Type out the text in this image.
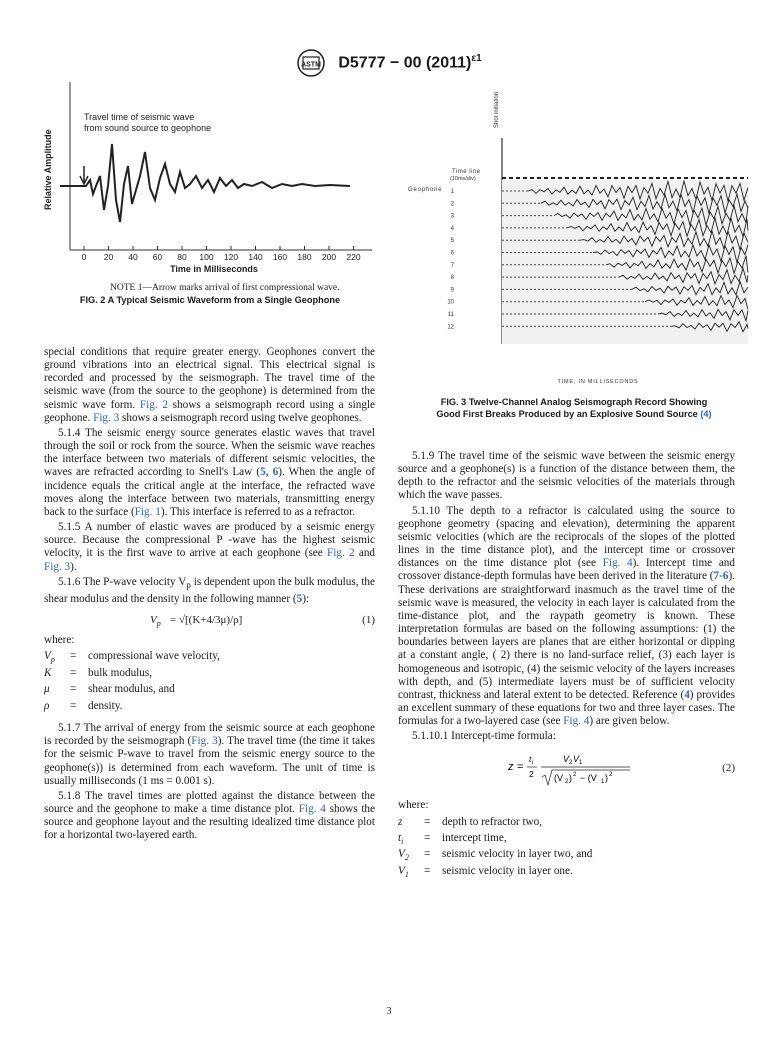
ASTM D5777 − 00 $(2011)^{\varepsilon 1}$
0 20 40 60 80 100 120 140 160 180 200 220
Travel time of seismic wave
from sound source to geophone
Relative Amplitude
Time in Milliseconds
NOTE 1—Arrow marks arrival of first compressional wave.
FIG. 2 A Typical Seismic Waveform from a Single Geophone
Shot initiation
Time line
(10ms/div)
Geophone 1
2
3
4
5
6
7
8
9
10
11
12
TIME, IN MILLISECONDS
FIG. 3 Twelve-Channel Analog Seismograph Record Showing
Good First Breaks Produced by an Explosive Sound Source (4)

special conditions that require greater energy. Geophones convert the ground vibrations into an electrical signal. This electrical signal is recorded and processed by the seismograph. The travel time of the seismic wave (from the source to the geophone) is determined from the seismic wave form. Fig. 2 shows a seismograph record using a single geophone. Fig. 3 shows a seismograph record using twelve geophones.

5.1.4 The seismic energy source generates elastic waves that travel through the soil or rock from the source. When the seismic wave reaches the interface between two materials of different seismic velocities, the waves are refracted according to Snell's Law (5, 6). When the angle of incidence equals the critical angle at the interface, the refracted wave moves along the interface between two materials, transmitting energy back to the surface (Fig. 1). This interface is referred to as a refractor.

5.1.5 A number of elastic waves are produced by a seismic energy source. Because the compressional P -wave has the highest seismic velocity, it is the first wave to arrive at each geophone (see Fig. 2 and Fig. 3).

5.1.6 The P-wave velocity $V_p$ is dependent upon the bulk modulus, the shear modulus and the density in the following manner (5):

$V_p = √[(K+4/3\mu)/\rho]$	(1)
where:
$V_p$	=	compressional wave velocity,
K	=	bulk modulus,
μ	=	shear modulus, and
ρ	=	density.

5.1.7 The arrival of energy from the seismic source at each geophone is recorded by the seismograph (Fig. 3). The travel time (the time it takes for the seismic P-wave to travel from the seismic energy source to the geophone(s)) is determined from each waveform. The unit of time is usually milliseconds (1 ms = 0.001 s).

5.1.8 The travel times are plotted against the distance between the source and the geophone to make a time distance plot. Fig. 4 shows the source and geophone layout and the resulting idealized time distance plot for a horizontal two-layered earth.

5.1.9 The travel time of the seismic wave between the seismic energy source and a geophone(s) is a function of the distance between them, the depth to the refractor and the seismic velocities of the materials through which the wave passes.

5.1.10 The depth to a refractor is calculated using the source to geophone geometry (spacing and elevation), determining the apparent seismic velocities (which are the reciprocals of the slopes of the plotted lines in the time distance plot), and the intercept time or crossover distances on the time distance plot (see Fig. 4). Intercept time and crossover distance-depth formulas have been derived in the literature (7-6). These derivations are straightforward inasmuch as the travel time of the seismic wave is measured, the velocity in each layer is calculated from the time-distance plot, and the raypath geometry is known. These interpretation formulas are based on the following assumptions: (1) the boundaries between layers are planes that are either horizontal or dipping at a constant angle, ( 2) there is no land-surface relief, (3) each layer is homogeneous and isotropic, (4) the seismic velocity of the layers increases with depth, and (5) intermediate layers must be of sufficient velocity contrast, thickness and lateral extent to be detected. Reference (4) provides an excellent summary of these equations for two and three layer cases. The formulas for a two-layered case (see Fig. 4) are given below.

5.1.10.1 Intercept-time formula:

z =
t i
2
V 2 V 1
(V 2 ) 2 − (V 1 ) 2
(2)
where:
z	=	depth to refractor two,
$t_i$	=	intercept time,
$V_2$	=	seismic velocity in layer two, and
$V_1$	=	seismic velocity in layer one.
3
